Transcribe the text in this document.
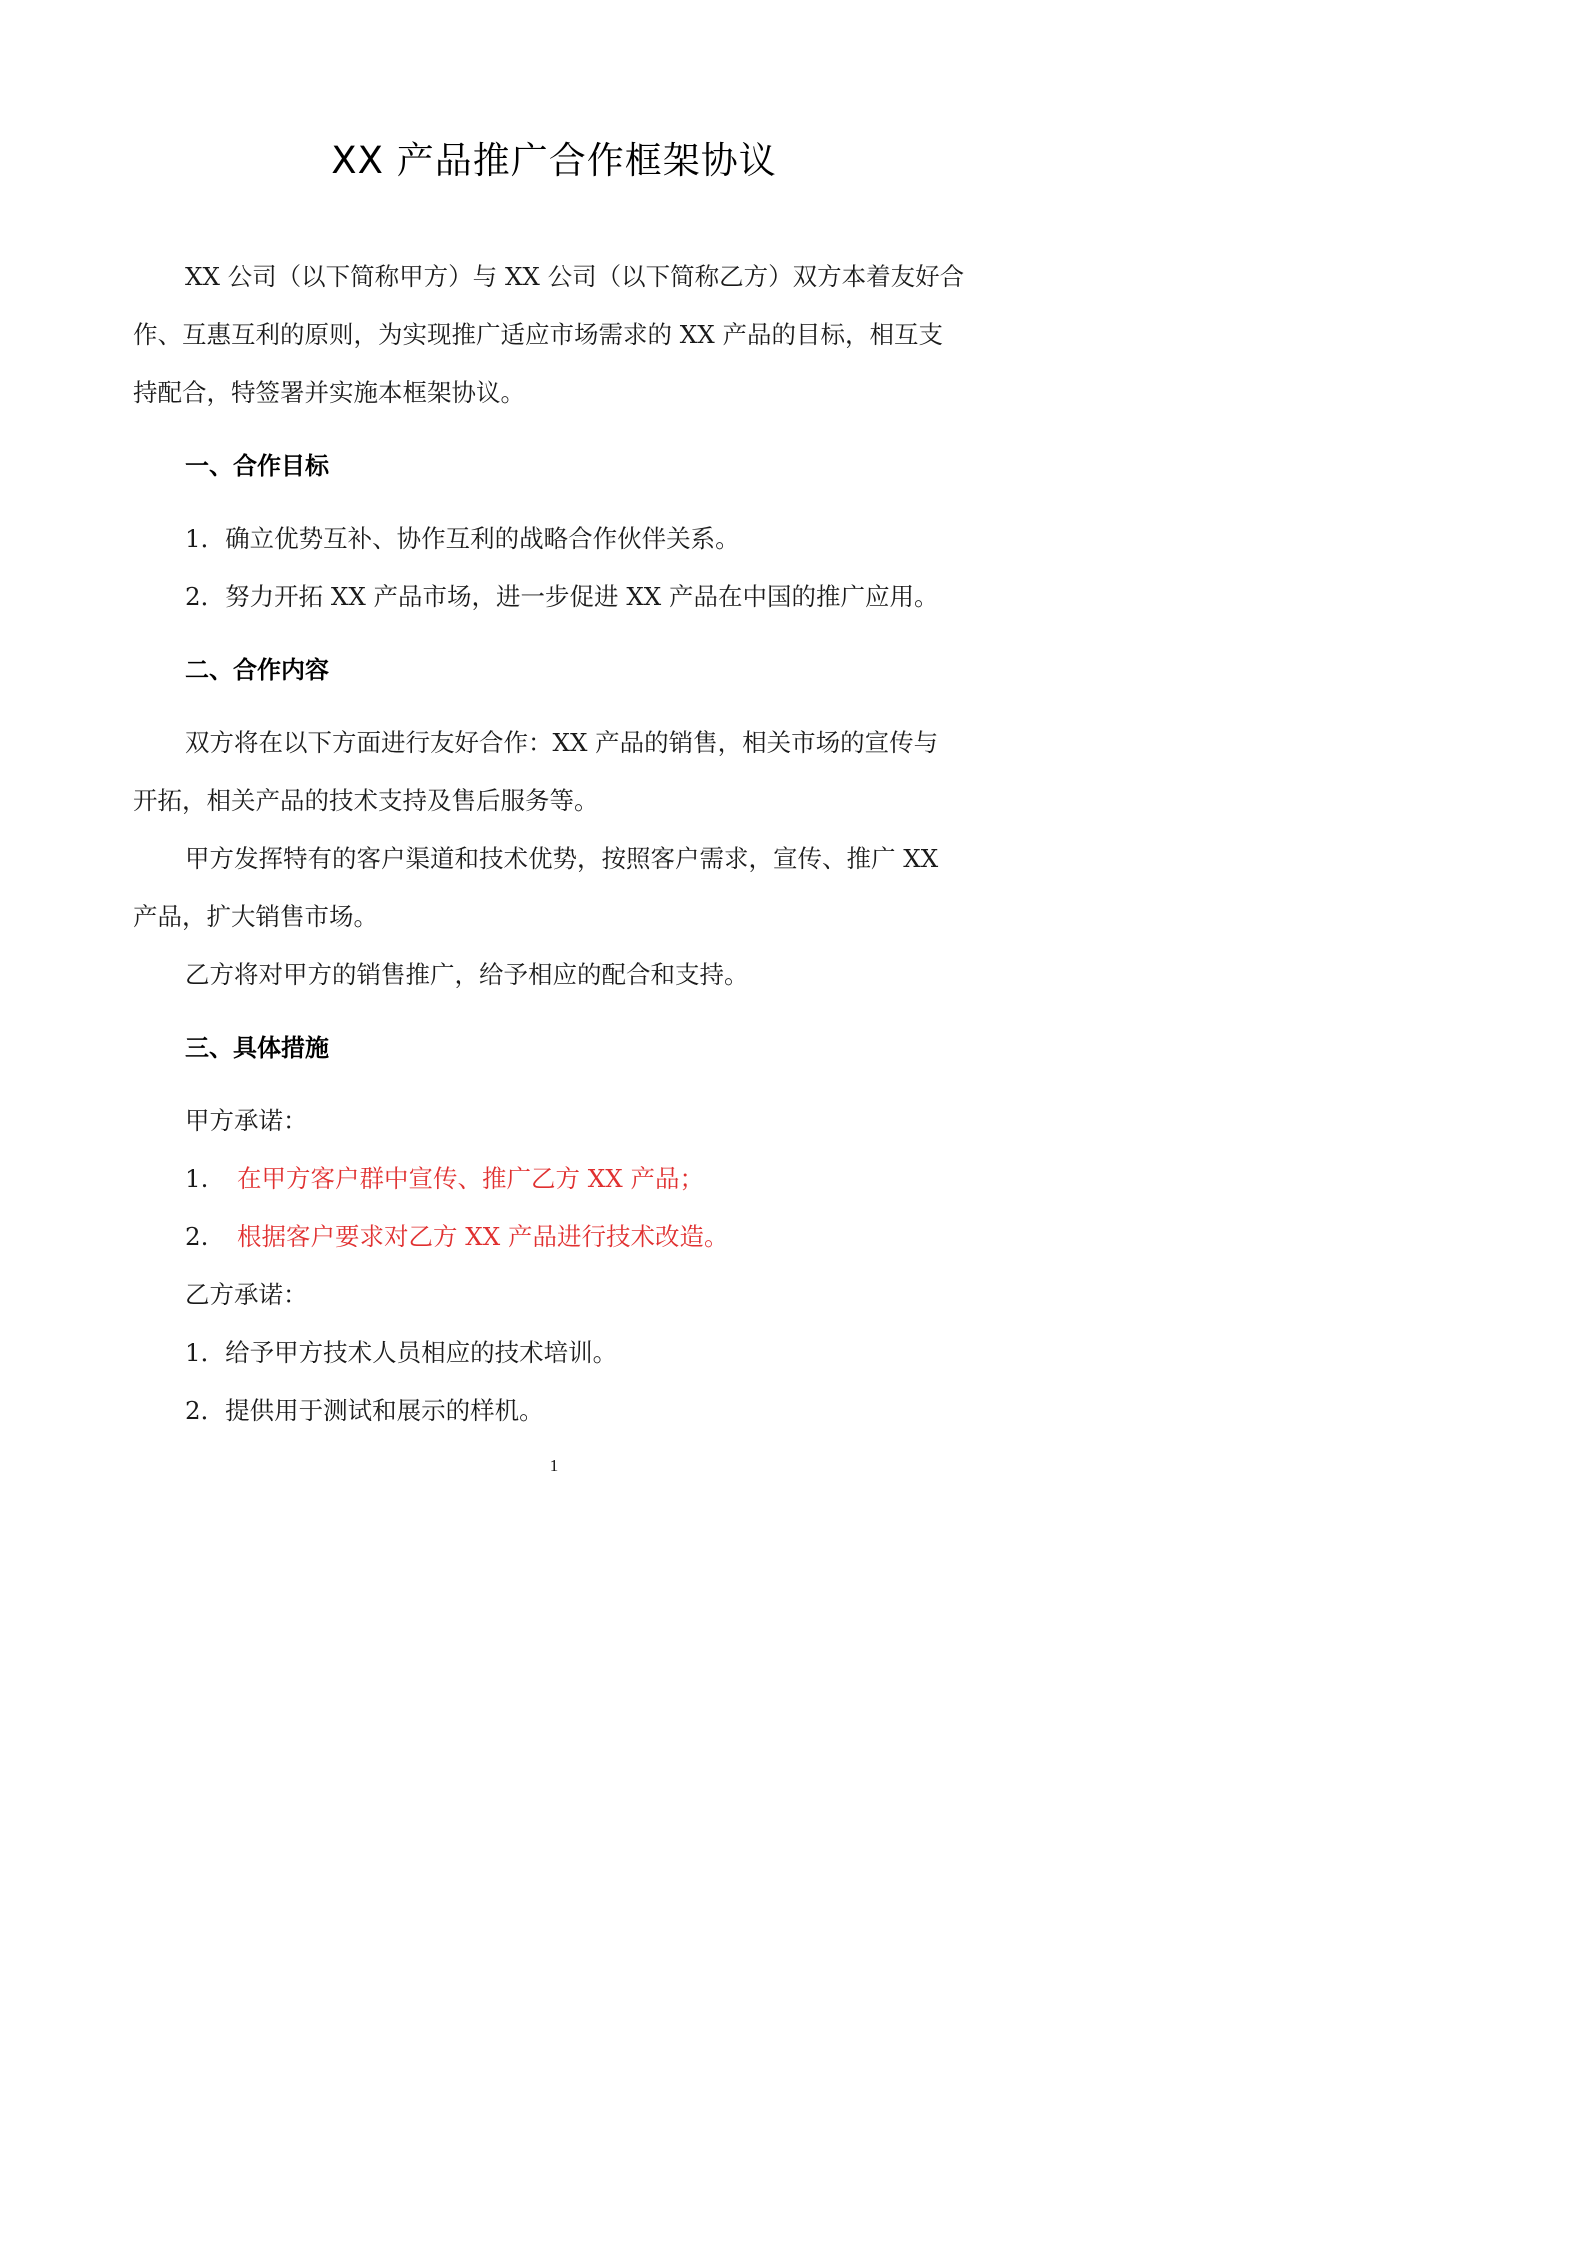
XX 产品推广合作框架协议

XX 公司（以下简称甲方）与 XX 公司（以下简称乙方）双方本着友好合

作、互惠互利的原则，为实现推广适应市场需求的 XX 产品的目标，相互支

持配合，特签署并实施本框架协议。

一、合作目标

1．确立优势互补、协作互利的战略合作伙伴关系。

2．努力开拓 XX 产品市场，进一步促进 XX 产品在中国的推广应用。

二、合作内容

双方将在以下方面进行友好合作：XX 产品的销售，相关市场的宣传与

开拓，相关产品的技术支持及售后服务等。

甲方发挥特有的客户渠道和技术优势，按照客户需求，宣传、推广 XX

产品，扩大销售市场。

乙方将对甲方的销售推广，给予相应的配合和支持。

三、具体措施

甲方承诺：

1. 在甲方客户群中宣传、推广乙方 XX 产品；

2. 根据客户要求对乙方 XX 产品进行技术改造。

乙方承诺：

1．给予甲方技术人员相应的技术培训。

2．提供用于测试和展示的样机。

1
